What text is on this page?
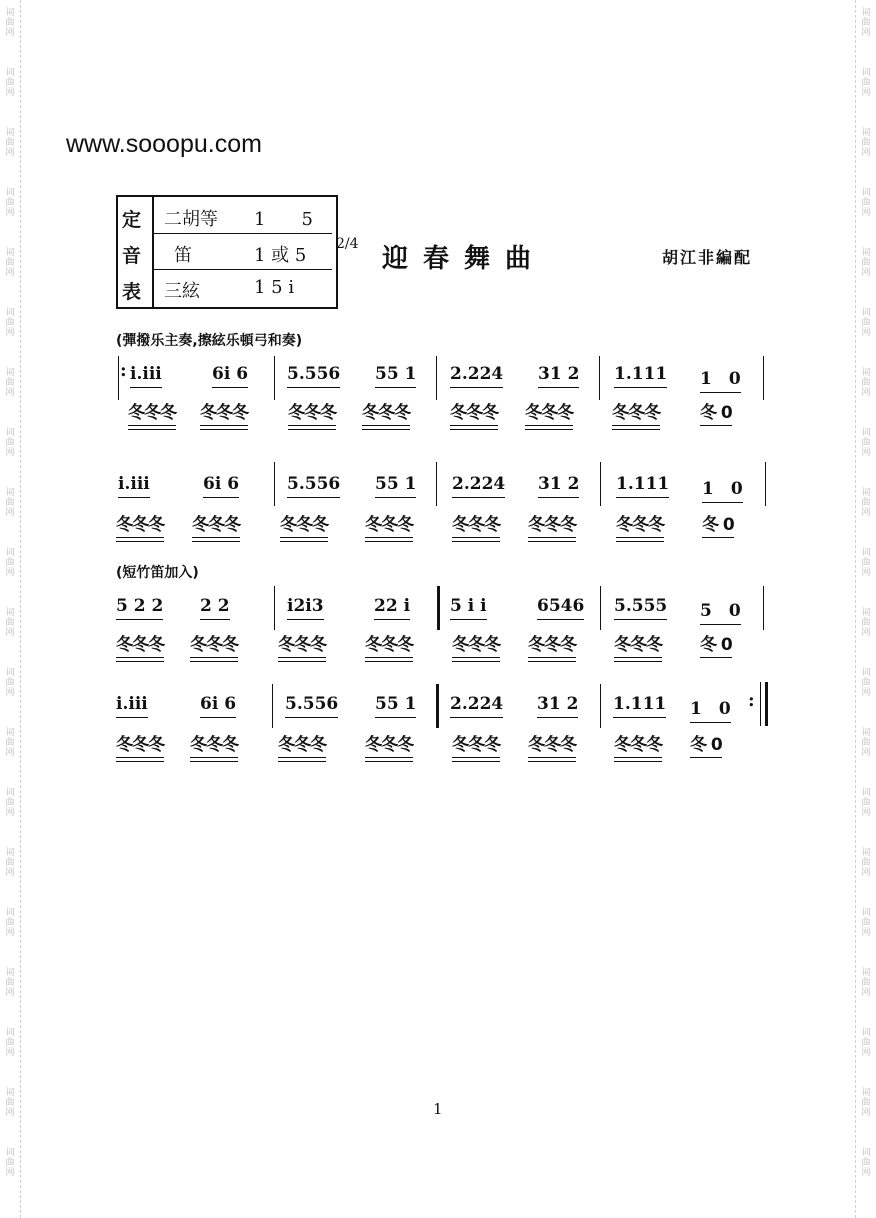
词
曲
网
词
曲
网
词
曲
网
词
曲
网
词
曲
网
词
曲
网
词
曲
网
词
曲
网
词
曲
网
词
曲
网
词
曲
网
词
曲
网
词
曲
网
词
曲
网
词
曲
网
词
曲
网
词
曲
网
词
曲
网
词
曲
网
词
曲
网
词
曲
网
词
曲
网
词
曲
网
词
曲
网
词
曲
网
词
曲
网
词
曲
网
词
曲
网
词
曲
网
词
曲
网
词
曲
网
词
曲
网
词
曲
网
词
曲
网
词
曲
网
词
曲
网
词
曲
网
词
曲
网
词
曲
网
词
曲
网
www.sooopu.com
定
音
表
二胡等 1　　5
笛	1 或 5
三絃	1 5 i
2/4 迎春舞曲	胡江非編配
(彈撥乐主奏,擦絃乐頓弓和奏)
(短竹笛加入)
: i.iii	6i 6 5.556 55 1 2.224 31 2 1.111 1　0
冬冬冬 冬冬冬 冬冬冬 冬冬冬 冬冬冬 冬冬冬 冬冬冬 冬 0
i.iii	6i 6	5.556 55 1 2.224 31 2 1.111 1　0
冬冬冬 冬冬冬 冬冬冬 冬冬冬 冬冬冬 冬冬冬 冬冬冬 冬 0
5 2 2 2 2	i2i3	22 i 5 i i	6546 5.555 5　0
冬冬冬 冬冬冬 冬冬冬 冬冬冬 冬冬冬 冬冬冬 冬冬冬 冬 0
i.iii	6i 6	5.556 55 1 2.224 31 2 1.111 1　0 :
冬冬冬 冬冬冬 冬冬冬 冬冬冬 冬冬冬 冬冬冬 冬冬冬 冬 0
1
